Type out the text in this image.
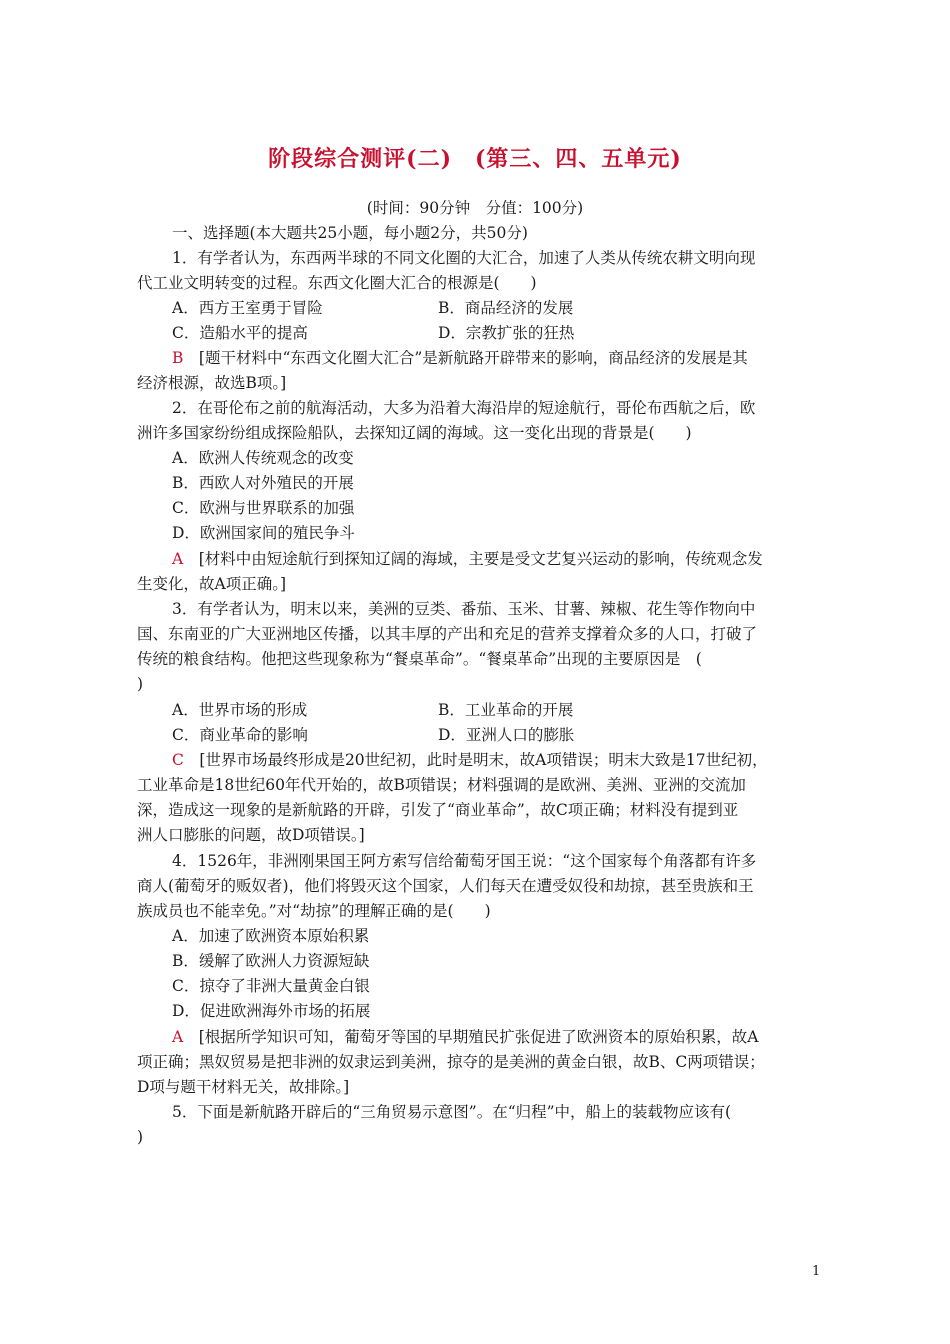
阶段综合测评(二)　(第三、四、五单元)
(时间：90分钟　分值：100分)
一、选择题(本大题共25小题，每小题2分，共50分)
1．有学者认为，东西两半球的不同文化圈的大汇合，加速了人类从传统农耕文明向现
代工业文明转变的过程。东西文化圈大汇合的根源是(　　)
A．西方王室勇于冒险	B．商品经济的发展
C．造船水平的提高	D．宗教扩张的狂热
B　 [题干材料中“东西文化圈大汇合”是新航路开辟带来的影响，商品经济的发展是其
经济根源，故选B项。]
2．在哥伦布之前的航海活动，大多为沿着大海沿岸的短途航行，哥伦布西航之后，欧
洲许多国家纷纷组成探险船队，去探知辽阔的海域。这一变化出现的背景是(　　)
A．欧洲人传统观念的改变
B．西欧人对外殖民的开展
C．欧洲与世界联系的加强
D．欧洲国家间的殖民争斗
A　 [材料中由短途航行到探知辽阔的海域，主要是受文艺复兴运动的影响，传统观念发
生变化，故A项正确。]
3．有学者认为，明末以来，美洲的豆类、番茄、玉米、甘薯、辣椒、花生等作物向中
国、东南亚的广大亚洲地区传播，以其丰厚的产出和充足的营养支撑着众多的人口，打破了
传统的粮食结构。他把这些现象称为“餐桌革命”。“餐桌革命”出现的主要原因是　(
)
A．世界市场的形成	B．工业革命的开展
C．商业革命的影响	D．亚洲人口的膨胀
C　 [世界市场最终形成是20世纪初，此时是明末，故A项错误；明末大致是17世纪初，
工业革命是18世纪60年代开始的，故B项错误；材料强调的是欧洲、美洲、亚洲的交流加
深，造成这一现象的是新航路的开辟，引发了“商业革命”，故C项正确；材料没有提到亚
洲人口膨胀的问题，故D项错误。]
4．1526年，非洲刚果国王阿方索写信给葡萄牙国王说：“这个国家每个角落都有许多
商人(葡萄牙的贩奴者)，他们将毁灭这个国家，人们每天在遭受奴役和劫掠，甚至贵族和王
族成员也不能幸免。”对“劫掠”的理解正确的是(　　)
A．加速了欧洲资本原始积累
B．缓解了欧洲人力资源短缺
C．掠夺了非洲大量黄金白银
D．促进欧洲海外市场的拓展
A　 [根据所学知识可知，葡萄牙等国的早期殖民扩张促进了欧洲资本的原始积累，故A
项正确；黑奴贸易是把非洲的奴隶运到美洲，掠夺的是美洲的黄金白银，故B、C两项错误；
D项与题干材料无关，故排除。]
5．下面是新航路开辟后的“三角贸易示意图”。在“归程”中，船上的装载物应该有(
)
1
